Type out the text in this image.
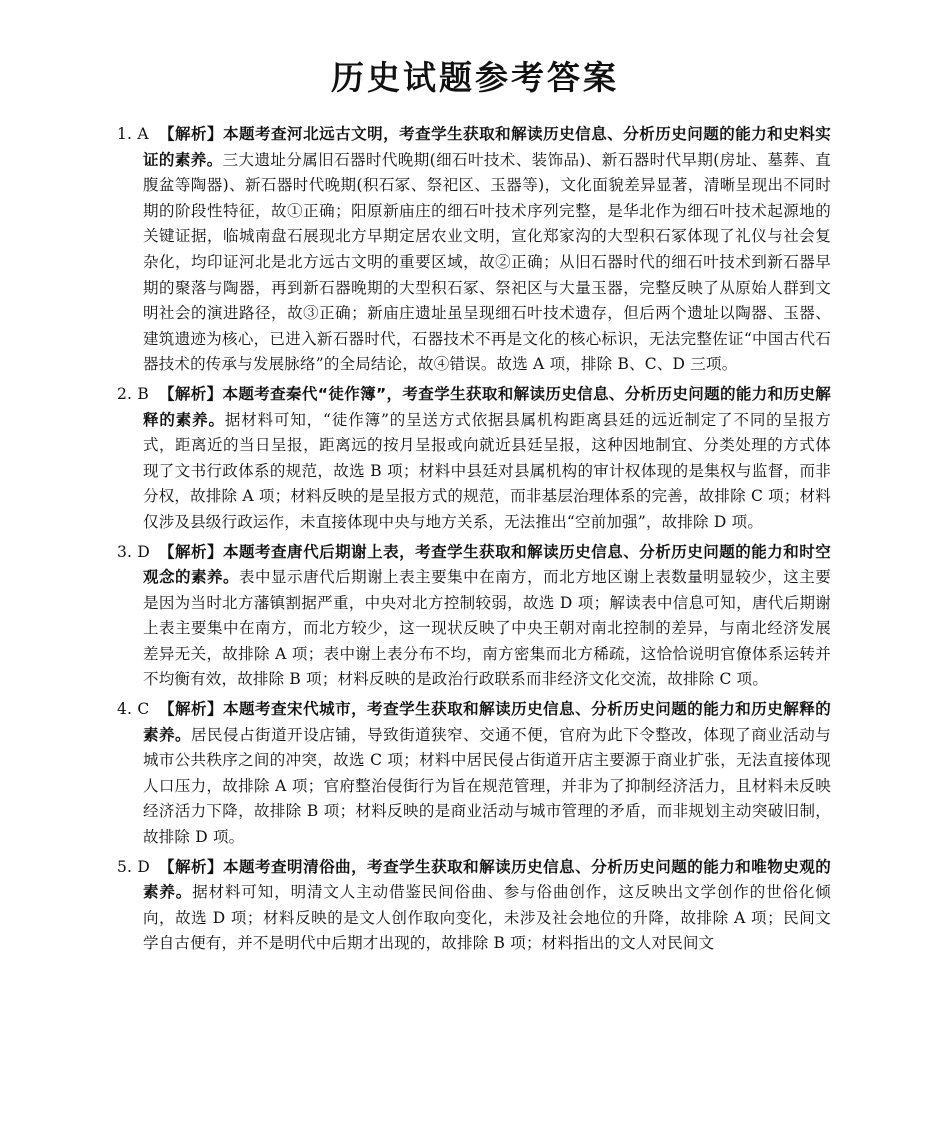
历史试题参考答案
1. A 【解析】本题考查河北远古文明，考查学生获取和解读历史信息、分析历史问题的能力和史料实证的素养。三大遗址分属旧石器时代晚期(细石叶技术、装饰品)、新石器时代早期(房址、墓葬、直腹盆等陶器)、新石器时代晚期(积石冢、祭祀区、玉器等)，文化面貌差异显著，清晰呈现出不同时期的阶段性特征，故①正确；阳原新庙庄的细石叶技术序列完整，是华北作为细石叶技术起源地的关键证据，临城南盘石展现北方早期定居农业文明，宣化郑家沟的大型积石冢体现了礼仪与社会复杂化，均印证河北是北方远古文明的重要区域，故②正确；从旧石器时代的细石叶技术到新石器早期的聚落与陶器，再到新石器晚期的大型积石冢、祭祀区与大量玉器，完整反映了从原始人群到文明社会的演进路径，故③正确；新庙庄遗址虽呈现细石叶技术遗存，但后两个遗址以陶器、玉器、建筑遗迹为核心，已进入新石器时代，石器技术不再是文化的核心标识，无法完整佐证“中国古代石器技术的传承与发展脉络”的全局结论，故④错误。故选 A 项，排除 B、C、D 三项。
2. B 【解析】本题考查秦代“徒作簿”，考查学生获取和解读历史信息、分析历史问题的能力和历史解释的素养。据材料可知，“徒作簿”的呈送方式依据县属机构距离县廷的远近制定了不同的呈报方式，距离近的当日呈报，距离远的按月呈报或向就近县廷呈报，这种因地制宜、分类处理的方式体现了文书行政体系的规范，故选 B 项；材料中县廷对县属机构的审计权体现的是集权与监督，而非分权，故排除 A 项；材料反映的是呈报方式的规范，而非基层治理体系的完善，故排除 C 项；材料仅涉及县级行政运作，未直接体现中央与地方关系，无法推出“空前加强”，故排除 D 项。
3. D 【解析】本题考查唐代后期谢上表，考查学生获取和解读历史信息、分析历史问题的能力和时空观念的素养。表中显示唐代后期谢上表主要集中在南方，而北方地区谢上表数量明显较少，这主要是因为当时北方藩镇割据严重，中央对北方控制较弱，故选 D 项；解读表中信息可知，唐代后期谢上表主要集中在南方，而北方较少，这一现状反映了中央王朝对南北控制的差异，与南北经济发展差异无关，故排除 A 项；表中谢上表分布不均，南方密集而北方稀疏，这恰恰说明官僚体系运转并不均衡有效，故排除 B 项；材料反映的是政治行政联系而非经济文化交流，故排除 C 项。
4. C 【解析】本题考查宋代城市，考查学生获取和解读历史信息、分析历史问题的能力和历史解释的素养。居民侵占街道开设店铺，导致街道狭窄、交通不便，官府为此下令整改，体现了商业活动与城市公共秩序之间的冲突，故选 C 项；材料中居民侵占街道开店主要源于商业扩张，无法直接体现人口压力，故排除 A 项；官府整治侵街行为旨在规范管理，并非为了抑制经济活力，且材料未反映经济活力下降，故排除 B 项；材料反映的是商业活动与城市管理的矛盾，而非规划主动突破旧制，故排除 D 项。
5. D 【解析】本题考查明清俗曲，考查学生获取和解读历史信息、分析历史问题的能力和唯物史观的素养。据材料可知，明清文人主动借鉴民间俗曲、参与俗曲创作，这反映出文学创作的世俗化倾向，故选 D 项；材料反映的是文人创作取向变化，未涉及社会地位的升降，故排除 A 项；民间文学自古便有，并不是明代中后期才出现的，故排除 B 项；材料指出的文人对民间文
